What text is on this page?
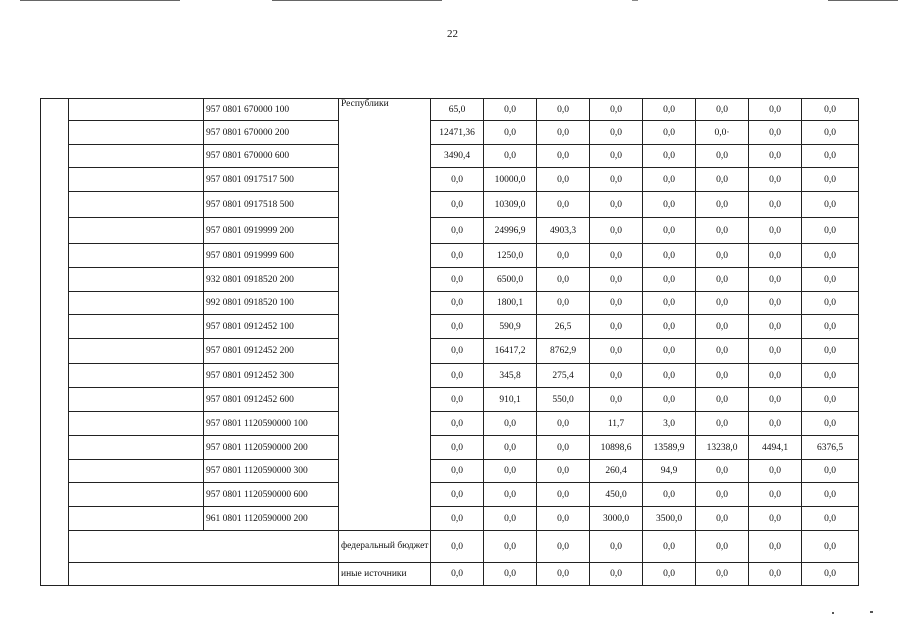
22
		957 0801 670000 100	Республики	65,0	0,0	0,0	0,0	0,0	0,0	0,0	0,0
		957 0801 670000 200		12471,36	0,0	0,0	0,0	0,0	0,0·	0,0	0,0
		957 0801 670000 600		3490,4	0,0	0,0	0,0	0,0	0,0	0,0	0,0
		957 0801 0917517 500		0,0	10000,0	0,0	0,0	0,0	0,0	0,0	0,0
		957 0801 0917518 500		0,0	10309,0	0,0	0,0	0,0	0,0	0,0	0,0
		957 0801 0919999 200		0,0	24996,9	4903,3	0,0	0,0	0,0	0,0	0,0
		957 0801 0919999 600		0,0	1250,0	0,0	0,0	0,0	0,0	0,0	0,0
		932 0801 0918520 200		0,0	6500,0	0,0	0,0	0,0	0,0	0,0	0,0
		992 0801 0918520 100		0,0	1800,1	0,0	0,0	0,0	0,0	0,0	0,0
		957 0801 0912452 100		0,0	590,9	26,5	0,0	0,0	0,0	0,0	0,0
		957 0801 0912452 200		0,0	16417,2	8762,9	0,0	0,0	0,0	0,0	0,0
		957 0801 0912452 300		0,0	345,8	275,4	0,0	0,0	0,0	0,0	0,0
		957 0801 0912452 600		0,0	910,1	550,0	0,0	0,0	0,0	0,0	0,0
		957 0801 1120590000 100		0,0	0,0	0,0	11,7	3,0	0,0	0,0	0,0
		957 0801 1120590000 200		0,0	0,0	0,0	10898,6	13589,9	13238,0	4494,1	6376,5
		957 0801 1120590000 300		0,0	0,0	0,0	260,4	94,9	0,0	0,0	0,0
		957 0801 1120590000 600		0,0	0,0	0,0	450,0	0,0	0,0	0,0	0,0
		961 0801 1120590000 200		0,0	0,0	0,0	3000,0	3500,0	0,0	0,0	0,0
			федеральный бюджет	0,0	0,0	0,0	0,0	0,0	0,0	0,0	0,0
			иные источники	0,0	0,0	0,0	0,0	0,0	0,0	0,0	0,0
